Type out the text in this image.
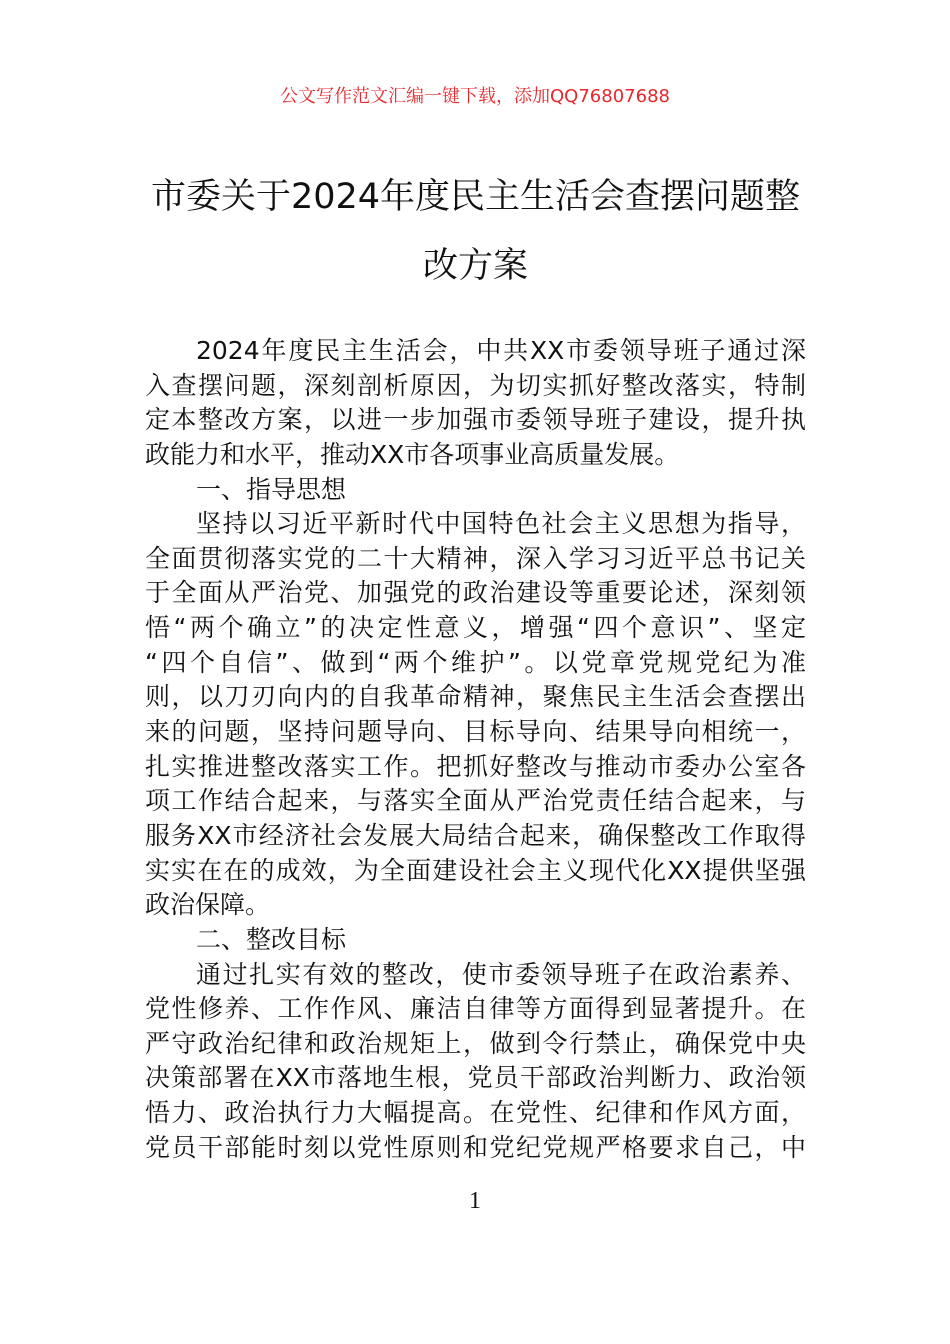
公文写作范文汇编一键下载，添加QQ76807688
市委关于2024年度民主生活会查摆问题整
改方案
2024年度民主生活会，中共XX市委领导班子通过深
入查摆问题，深刻剖析原因，为切实抓好整改落实，特制
定本整改方案，以进一步加强市委领导班子建设，提升执
政能力和水平，推动XX市各项事业高质量发展。
一、指导思想
坚持以习近平新时代中国特色社会主义思想为指导，
全面贯彻落实党的二十大精神，深入学习习近平总书记关
于全面从严治党、加强党的政治建设等重要论述，深刻领
悟“两个确立”的决定性意义，增强“四个意识”、坚定
“四个自信”、做到“两个维护”。以党章党规党纪为准
则，以刀刃向内的自我革命精神，聚焦民主生活会查摆出
来的问题，坚持问题导向、目标导向、结果导向相统一，
扎实推进整改落实工作。把抓好整改与推动市委办公室各
项工作结合起来，与落实全面从严治党责任结合起来，与
服务XX市经济社会发展大局结合起来，确保整改工作取得
实实在在的成效，为全面建设社会主义现代化XX提供坚强
政治保障。
二、整改目标
通过扎实有效的整改，使市委领导班子在政治素养、
党性修养、工作作风、廉洁自律等方面得到显著提升。在
严守政治纪律和政治规矩上，做到令行禁止，确保党中央
决策部署在XX市落地生根，党员干部政治判断力、政治领
悟力、政治执行力大幅提高。在党性、纪律和作风方面，
党员干部能时刻以党性原则和党纪党规严格要求自己，中
1
